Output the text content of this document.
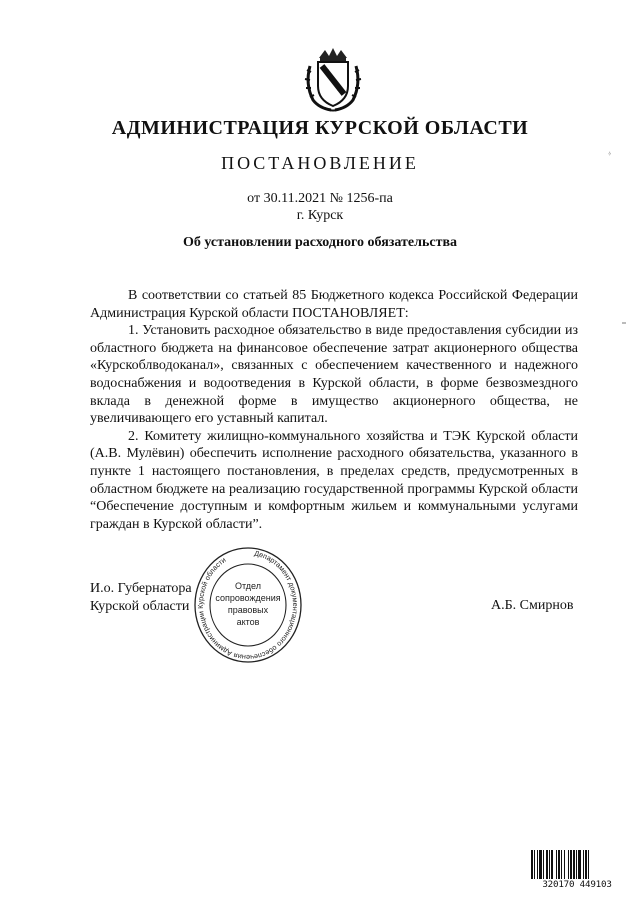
АДМИНИСТРАЦИЯ КУРСКОЙ ОБЛАСТИ
ПОСТАНОВЛЕНИЕ
от 30.11.2021 № 1256-па
г. Курск
Об установлении расходного обязательства

В соответствии со статьей 85 Бюджетного кодекса Российской Федерации Администрация Курской области ПОСТАНОВЛЯЕТ:

1. Установить расходное обязательство в виде предоставления субсидии из областного бюджета на финансовое обеспечение затрат акционерного общества «Курскоблводоканал», связанных с обеспечением качественного и надежного водоснабжения и водоотведения в Курской области, в форме безвозмездного вклада в денежной форме в имущество акционерного общества, не увеличивающего его уставный капитал.

2. Комитету жилищно-коммунального хозяйства и ТЭК Курской области (А.В. Мулёвин) обеспечить исполнение расходного обязательства, указанного в пункте 1 настоящего постановления, в пределах средств, предусмотренных в областном бюджете на реализацию государственной программы Курской области “Обеспечение доступным и комфортным жильем и коммунальными услугами граждан в Курской области”.

И.о. Губернатора
Курской области	А.Б. Смирнов
Департамент документационного обеспечения Администрации Курской области
Отдел
сопровождения
правовых
актов
⸗
320170 449103
